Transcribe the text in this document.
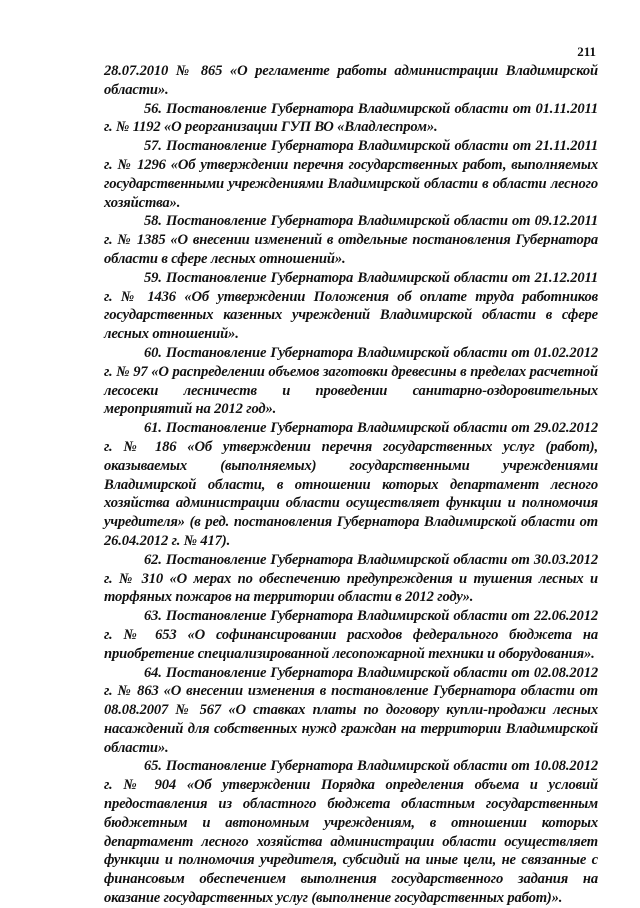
211

28.07.2010 № 865 «О регламенте работы администрации Владимирской области».

56. Постановление Губернатора Владимирской области от 01.11.2011 г. № 1192 «О реорганизации ГУП ВО «Владлеспром».

57. Постановление Губернатора Владимирской области от 21.11.2011 г. № 1296 «Об утверждении перечня государственных работ, выполняемых государственными учреждениями Владимирской области в области лесного хозяйства».

58. Постановление Губернатора Владимирской области от 09.12.2011 г. № 1385 «О внесении изменений в отдельные постановления Губернатора области в сфере лесных отношений».

59. Постановление Губернатора Владимирской области от 21.12.2011 г. № 1436 «Об утверждении Положения об оплате труда работников государственных казенных учреждений Владимирской области в сфере лесных отношений».

60. Постановление Губернатора Владимирской области от 01.02.2012 г. № 97 «О распределении объемов заготовки древесины в пределах расчетной лесосеки лесничеств и проведении санитарно-оздоровительных мероприятий на 2012 год».

61. Постановление Губернатора Владимирской области от 29.02.2012 г. № 186 «Об утверждении перечня государственных услуг (работ), оказываемых (выполняемых) государственными учреждениями Владимирской области, в отношении которых департамент лесного хозяйства администрации области осуществляет функции и полномочия учредителя» (в ред. постановления Губернатора Владимирской области от 26.04.2012 г. № 417).

62. Постановление Губернатора Владимирской области от 30.03.2012 г. № 310 «О мерах по обеспечению предупреждения и тушения лесных и торфяных пожаров на территории области в 2012 году».

63. Постановление Губернатора Владимирской области от 22.06.2012 г. № 653 «О софинансировании расходов федерального бюджета на приобретение специализированной лесопожарной техники и оборудования».

64. Постановление Губернатора Владимирской области от 02.08.2012 г. № 863 «О внесении изменения в постановление Губернатора области от 08.08.2007 № 567 «О ставках платы по договору купли-продажи лесных насаждений для собственных нужд граждан на территории Владимирской области».

65. Постановление Губернатора Владимирской области от 10.08.2012 г. № 904 «Об утверждении Порядка определения объема и условий предоставления из областного бюджета областным государственным бюджетным и автономным учреждениям, в отношении которых департамент лесного хозяйства администрации области осуществляет функции и полномочия учредителя, субсидий на иные цели, не связанные с финансовым обеспечением выполнения государственного задания на оказание государственных услуг (выполнение государственных работ)».
